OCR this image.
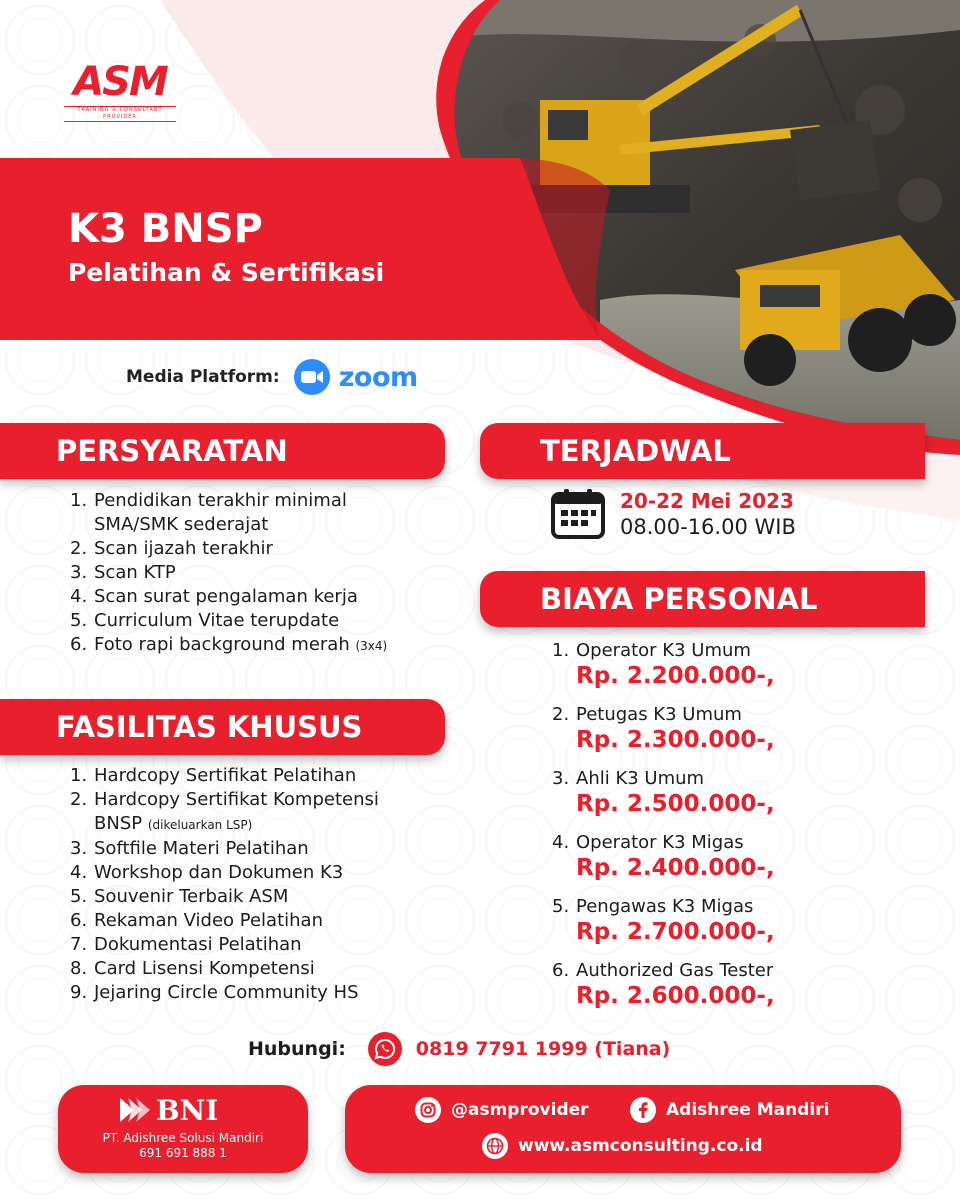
ASM
TRAINING & CONSULTANT PROVIDER
K3 BNSP
Pelatihan & Sertifikasi
Media Platform: zoom
PERSYARATAN
1. Pendidikan terakhir minimal
SMA/SMK sederajat
2. Scan ijazah terakhir
3. Scan KTP
4. Scan surat pengalaman kerja
5. Curriculum Vitae terupdate
6. Foto rapi background merah (3x4)
FASILITAS KHUSUS
1. Hardcopy Sertifikat Pelatihan
2. Hardcopy Sertifikat Kompetensi
BNSP (dikeluarkan LSP)
3. Softfile Materi Pelatihan
4. Workshop dan Dokumen K3
5. Souvenir Terbaik ASM
6. Rekaman Video Pelatihan
7. Dokumentasi Pelatihan
8. Card Lisensi Kompetensi
9. Jejaring Circle Community HS
TERJADWAL
20-22 Mei 2023
08.00-16.00 WIB
BIAYA PERSONAL
1. Operator K3 Umum
Rp. 2.200.000-,
2. Petugas K3 Umum
Rp. 2.300.000-,
3. Ahli K3 Umum
Rp. 2.500.000-,
4. Operator K3 Migas
Rp. 2.400.000-,
5. Pengawas K3 Migas
Rp. 2.700.000-,
6. Authorized Gas Tester
Rp. 2.600.000-,
Hubungi:	0819 7791 1999 (Tiana)
BNI
PT. Adishree Solusi Mandiri
691 691 888 1
@asmprovider	Adishree Mandiri
www.asmconsulting.co.id
